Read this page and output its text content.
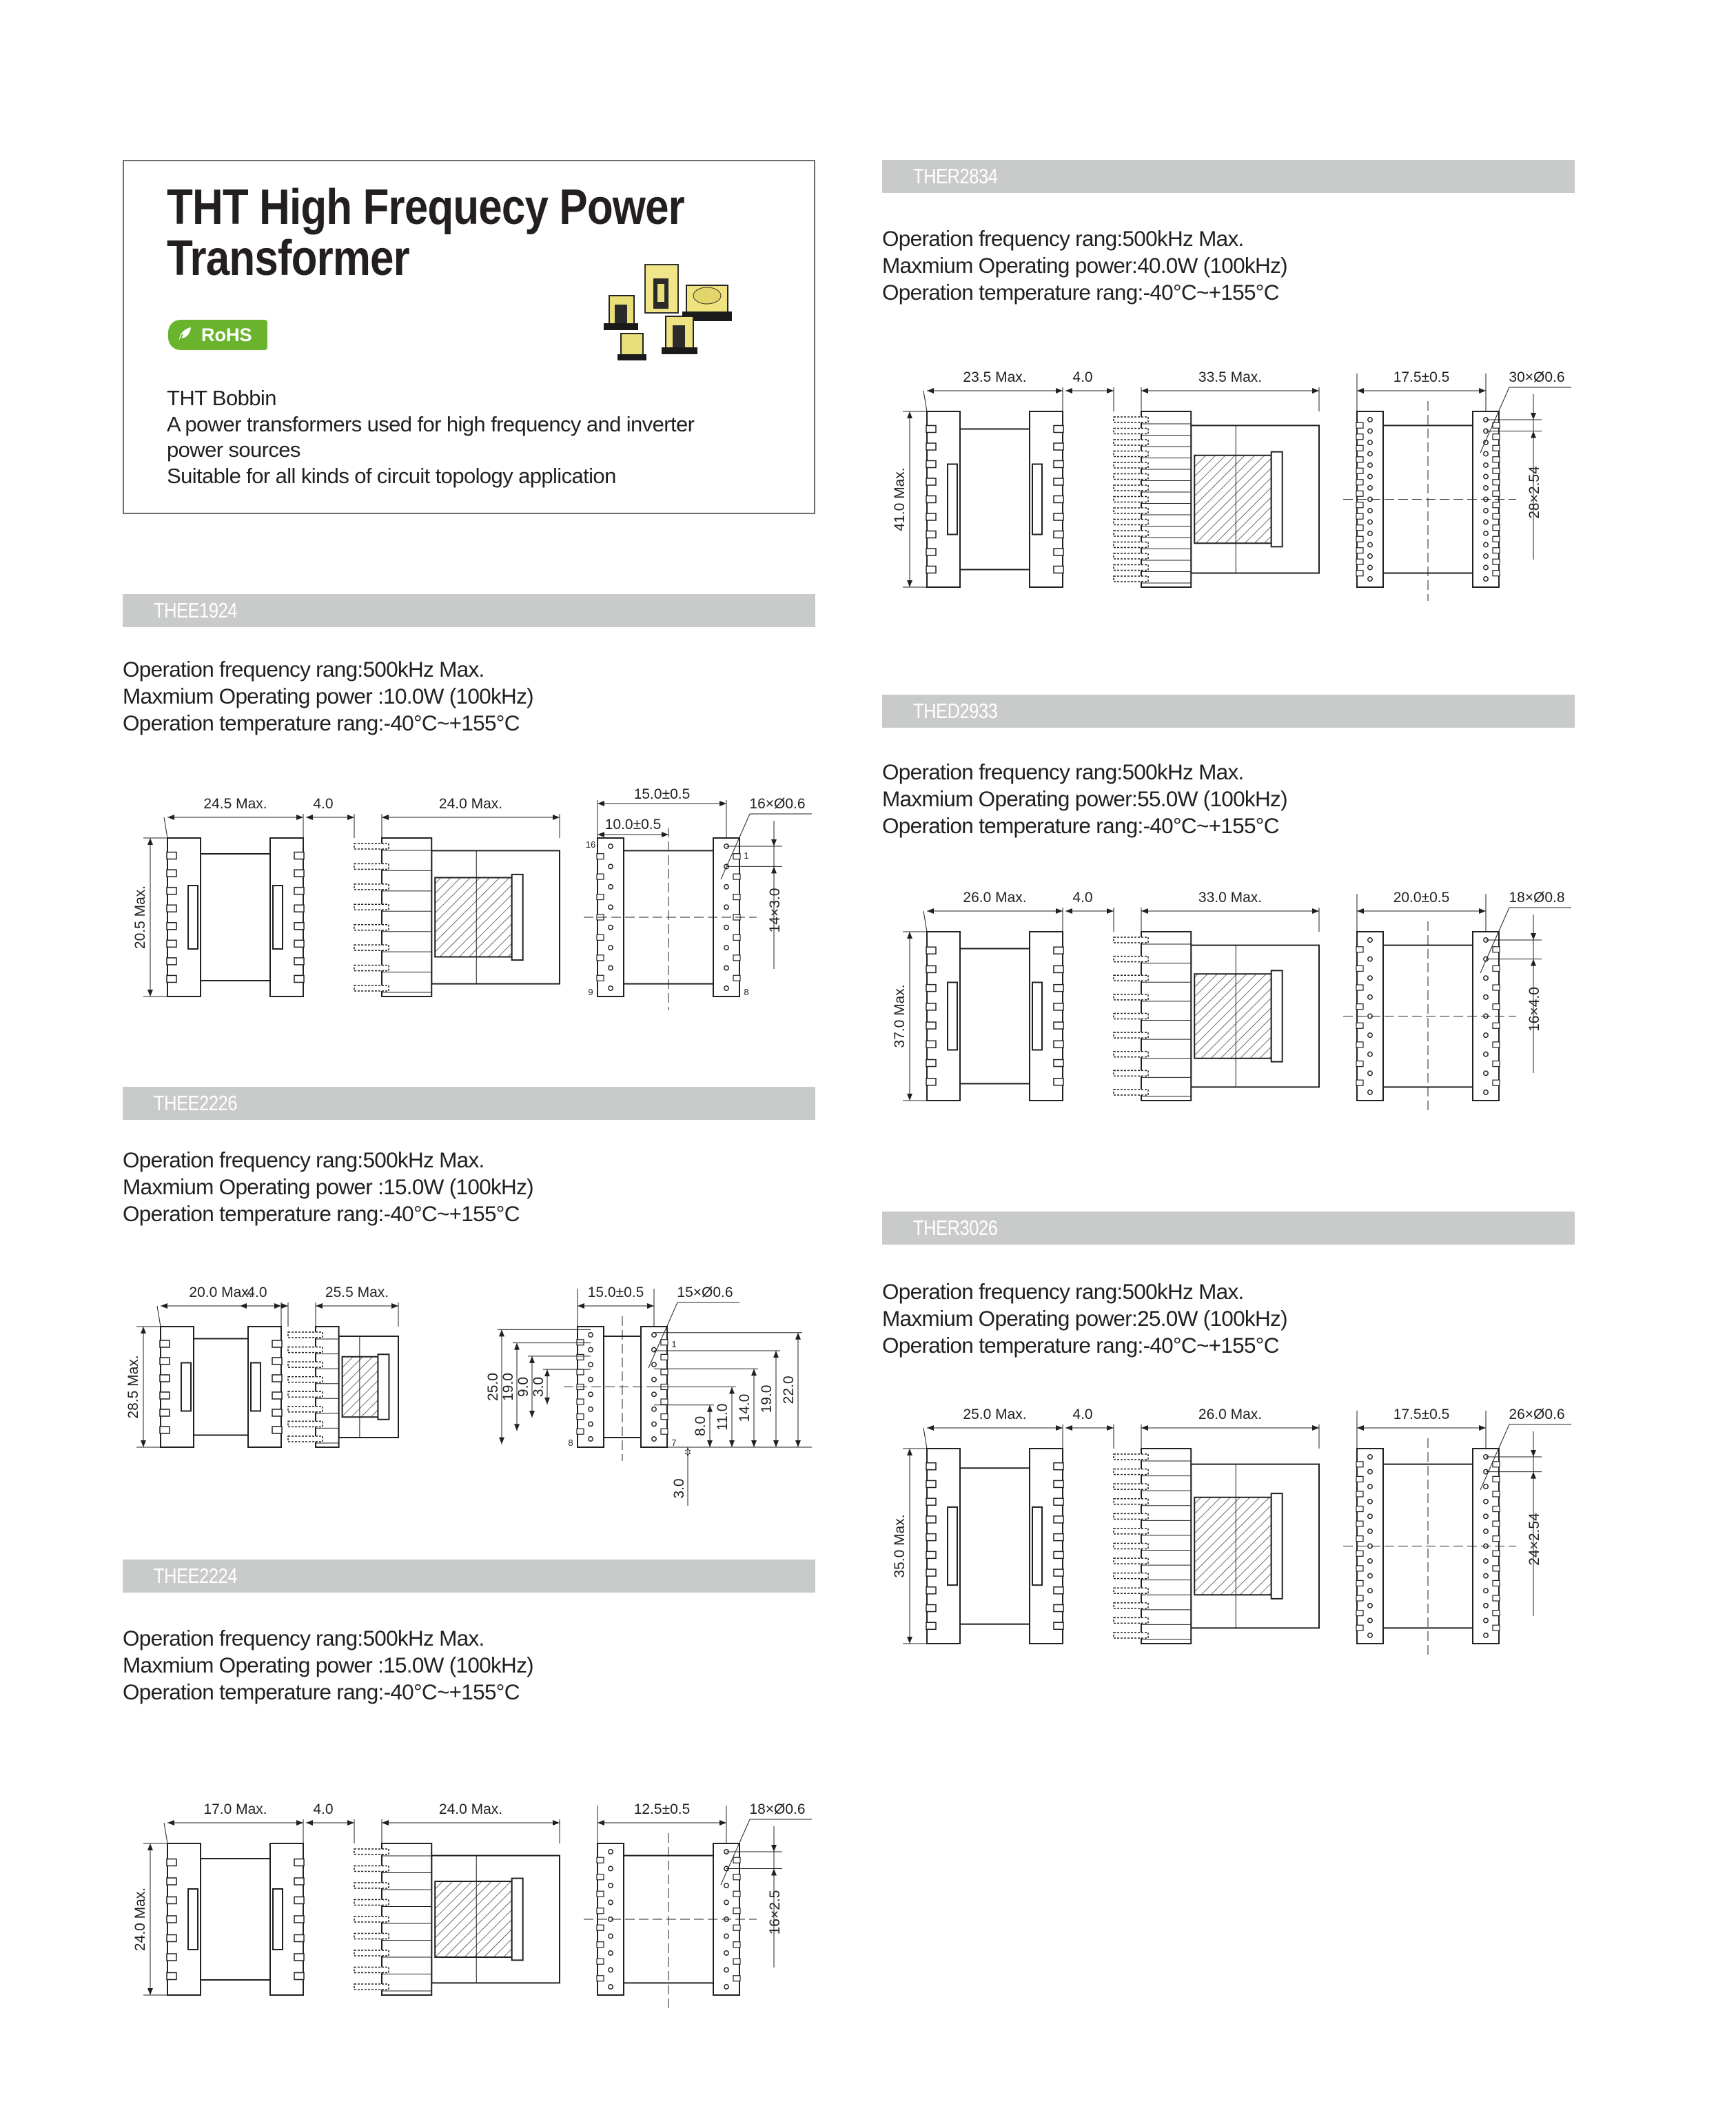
THT High Frequecy Power
Transformer
RoHS
THT Bobbin
A power transformers used for high frequency and inverter
power sources
Suitable for all kinds of circuit topology application
THEE1924
Operation frequency rang:500kHz Max.
Maxmium Operating power :10.0W (100kHz)
Operation temperature rang:-40°C~+155°C
24.5 Max.
20.5 Max.
4.0	24.0 Max.
15.0±0.5
10.0±0.5
16×Ø0.6
14×3.0
16
1
9	8
THEE2226
Operation frequency rang:500kHz Max.
Maxmium Operating power :15.0W (100kHz)
Operation temperature rang:-40°C~+155°C
20.0 Max.
28.5 Max.
4.0	25.5 Max.	15.0±0.5 15×Ø0.6
1
8	7
25.0 19.0 9.0 3.0
3.0
8.0 11.0 14.0 19.0 22.0
THEE2224
Operation frequency rang:500kHz Max.
Maxmium Operating power :15.0W (100kHz)
Operation temperature rang:-40°C~+155°C
17.0 Max.
24.0 Max.
4.0	24.0 Max.	12.5±0.5	18×Ø0.6
16×2.5
THER2834
Operation frequency rang:500kHz Max.
Maxmium Operating power:40.0W (100kHz)
Operation temperature rang:-40°C~+155°C
23.5 Max.
41.0 Max.
4.0	33.5 Max.	17.5±0.5	30×Ø0.6
28×2.54
THED2933
Operation frequency rang:500kHz Max.
Maxmium Operating power:55.0W (100kHz)
Operation temperature rang:-40°C~+155°C
26.0 Max.
37.0 Max.
4.0	33.0 Max.	20.0±0.5	18×Ø0.8
16×4.0
THER3026
Operation frequency rang:500kHz Max.
Maxmium Operating power:25.0W (100kHz)
Operation temperature rang:-40°C~+155°C
25.0 Max.
35.0 Max.
4.0	26.0 Max.	17.5±0.5	26×Ø0.6
24×2.54
